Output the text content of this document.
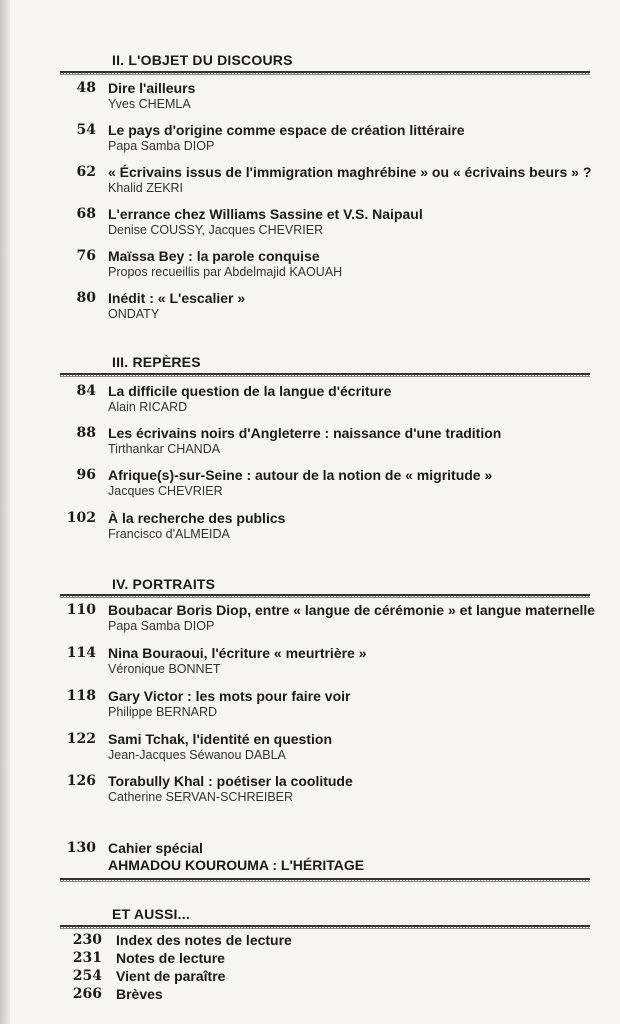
II. L'OBJET DU DISCOURS
48 Dire l'ailleurs
Yves CHEMLA
54 Le pays d'origine comme espace de création littéraire
Papa Samba DIOP
62 « Écrivains issus de l'immigration maghrébine » ou « écrivains beurs » ?
Khalid ZEKRI
68 L'errance chez Williams Sassine et V.S. Naipaul
Denise COUSSY, Jacques CHEVRIER
76 Maïssa Bey : la parole conquise
Propos recueillis par Abdelmajid KAOUAH
80 Inédit : « L'escalier »
ONDATY
III. REPÈRES
84 La difficile question de la langue d'écriture
Alain RICARD
88 Les écrivains noirs d'Angleterre : naissance d'une tradition
Tirthankar CHANDA
96 Afrique(s)-sur-Seine : autour de la notion de « migritude »
Jacques CHEVRIER
102 À la recherche des publics
Francisco d'ALMEIDA
IV. PORTRAITS
110 Boubacar Boris Diop, entre « langue de cérémonie » et langue maternelle
Papa Samba DIOP
114 Nina Bouraoui, l'écriture « meurtrière »
Véronique BONNET
118 Gary Victor : les mots pour faire voir
Philippe BERNARD
122 Sami Tchak, l'identité en question
Jean-Jacques Séwanou DABLA
126 Torabully Khal : poétiser la coolitude
Catherine SERVAN-SCHREIBER
130 Cahier spécial
AHMADOU KOUROUMA : L'HÉRITAGE
ET AUSSI...
230 Index des notes de lecture
231 Notes de lecture
254 Vient de paraître
266 Brèves
